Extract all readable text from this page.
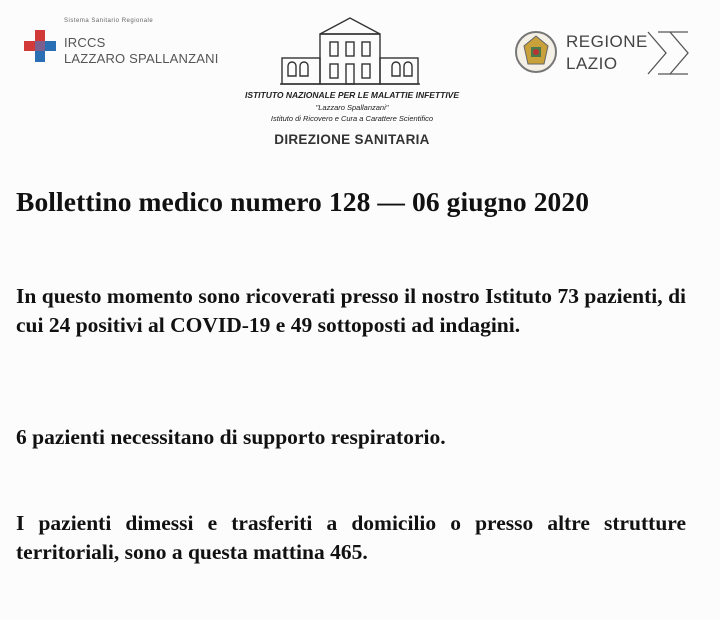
Sistema Sanitario Regionale
IRCCS
LAZZARO SPALLANZANI
ISTITUTO NAZIONALE PER LE MALATTIE INFETTIVE
"Lazzaro Spallanzani"
Istituto di Ricovero e Cura a Carattere Scientifico
DIREZIONE SANITARIA
REGIONE
LAZIO
Bollettino medico numero 128 — 06 giugno 2020

In questo momento sono ricoverati presso il nostro Istituto 73 pazienti, di cui 24 positivi al COVID-19 e 49 sottoposti ad indagini.

6 pazienti necessitano di supporto respiratorio.

I pazienti dimessi e trasferiti a domicilio o presso altre strutture territoriali, sono a questa mattina 465.
